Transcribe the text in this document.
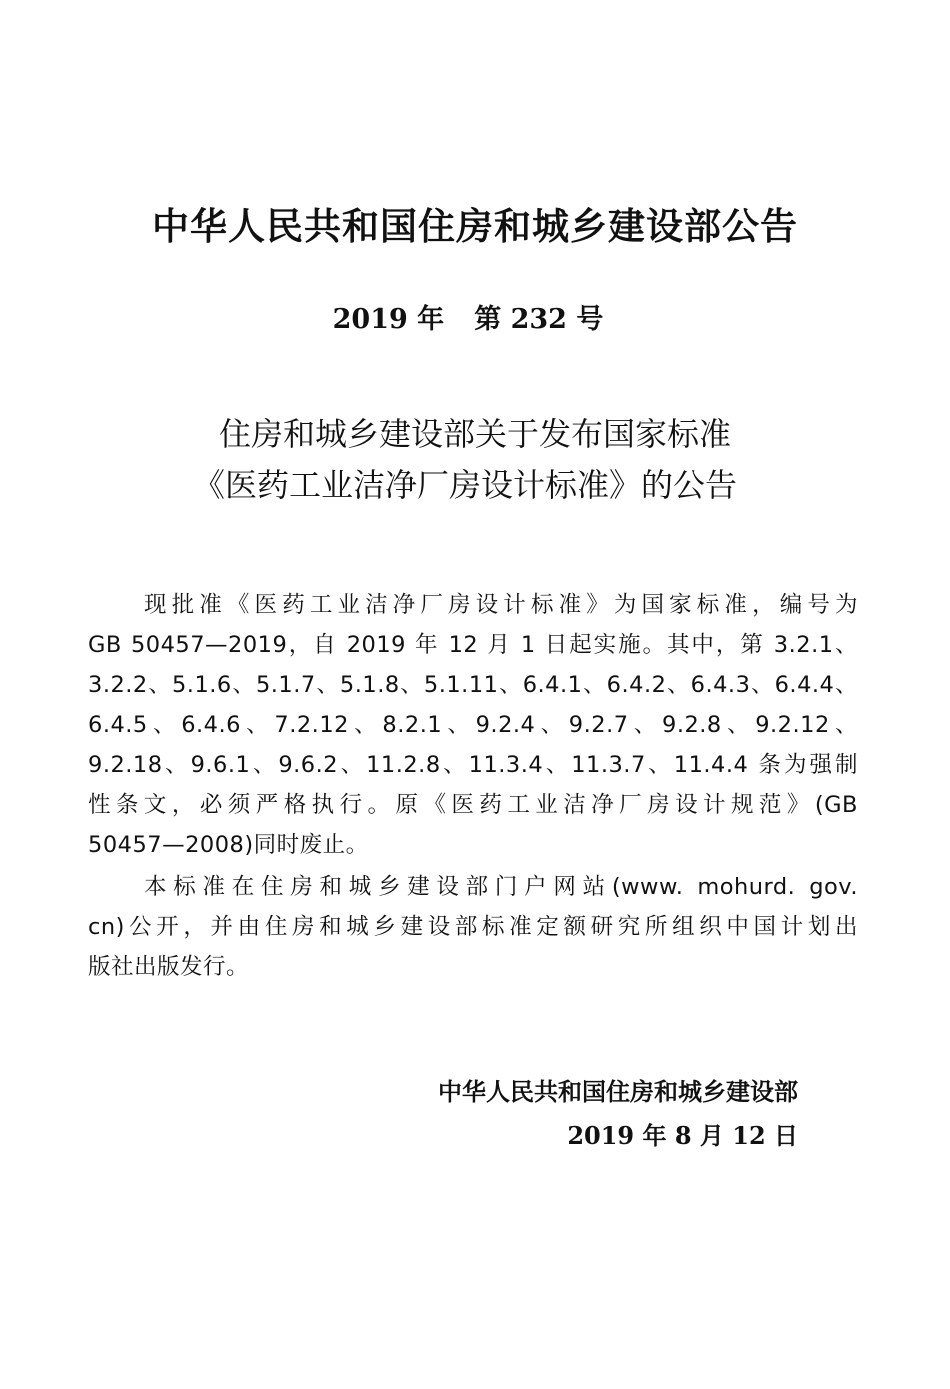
中华人民共和国住房和城乡建设部公告
2019 年 第 232 号
住房和城乡建设部关于发布国家标准
《医药工业洁净厂房设计标准》的公告
现批准《医药工业洁净厂房设计标准》为国家标准，编号为
GB 50457—2019，自 2019 年 12 月 1 日起实施。其中，第 3.2.1、
3.2.2、5.1.6、5.1.7、5.1.8、5.1.11、6.4.1、6.4.2、6.4.3、6.4.4、
6.4.5、6.4.6、7.2.12、8.2.1、9.2.4、9.2.7、9.2.8、9.2.12、
9.2.18、9.6.1、9.6.2、11.2.8、11.3.4、11.3.7、11.4.4 条为强制
性条文，必须严格执行。原《医药工业洁净厂房设计规范》(GB
50457—2008)同时废止。
本标准在住房和城乡建设部门户网站(www. mohurd. gov.
cn)公开，并由住房和城乡建设部标准定额研究所组织中国计划出
版社出版发行。
中华人民共和国住房和城乡建设部
2019 年 8 月 12 日
